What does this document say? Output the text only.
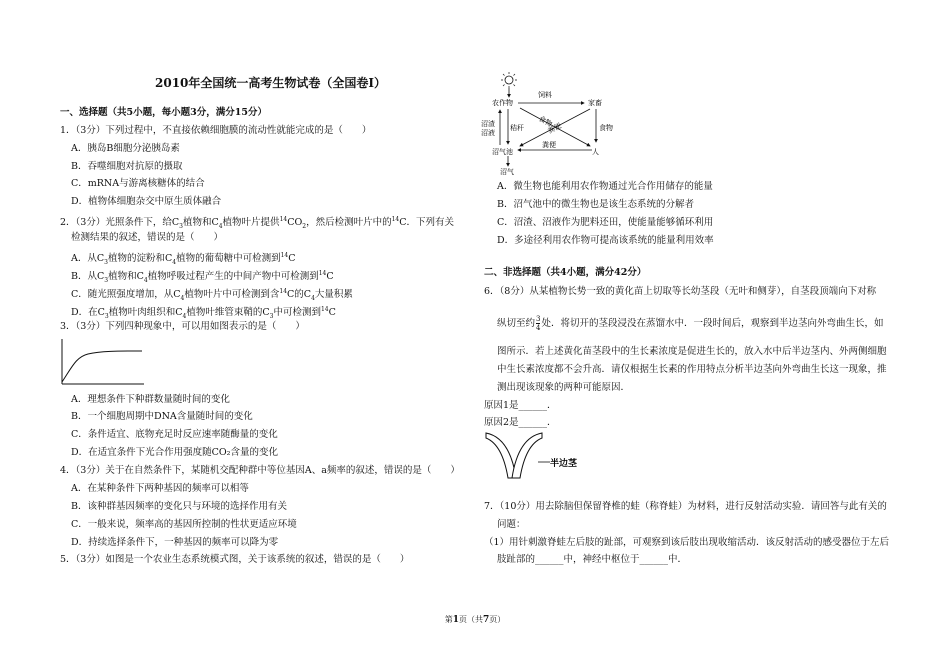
2010年全国统一高考生物试卷（全国卷Ⅰ）
一、选择题（共5小题，每小题3分，满分15分）
1．（3分）下列过程中，不直接依赖细胞膜的流动性就能完成的是（　　）
A．胰岛B细胞分泌胰岛素
B．吞噬细胞对抗原的摄取
C．mRNA与游离核糖体的结合
D．植物体细胞杂交中原生质体融合
2．（3分）光照条件下，给$C_3$植物和$C_4$植物叶片提供$^{14}CO_2$，然后检测叶片中的$^{14}$C．下列有关
检测结果的叙述，错误的是（　　）
A．从$C_3$植物的淀粉和$C_4$植物的葡萄糖中可检测到$^{14}$C
B．从$C_3$植物和$C_4$植物呼吸过程产生的中间产物中可检测到$^{14}$C
C．随光照强度增加，从$C_4$植物叶片中可检测到含$^{14}$C的$C_4$大量积累
D．在$C_3$植物叶肉组织和$C_4$植物叶维管束鞘的$C_3$中可检测到$^{14}$C
3．（3分）下列四种现象中，可以用如图表示的是（　　）
A．理想条件下种群数量随时间的变化
B．一个细胞周期中DNA含量随时间的变化
C．条件适宜、底物充足时反应速率随酶量的变化
D．在适宜条件下光合作用强度随CO₂含量的变化
4．（3分）关于在自然条件下，某随机交配种群中等位基因A、a频率的叙述，错误的是（　　）
A．在某种条件下两种基因的频率可以相等
B．该种群基因频率的变化只与环境的选择作用有关
C．一般来说，频率高的基因所控制的性状更适应环境
D．持续选择条件下，一种基因的频率可以降为零
5．（3分）如图是一个农业生态系统模式图，关于该系统的叙述，错误的是（　　）
农作物
饲料
家畜
沼渣
沼液
秸秆 食物
粪便	食物
粪便
沼气池	人
沼气
A．微生物也能利用农作物通过光合作用储存的能量
B．沼气池中的微生物也是该生态系统的分解者
C．沼渣、沼液作为肥料还田，使能量能够循环利用
D．多途径利用农作物可提高该系统的能量利用效率
二、非选择题（共4小题，满分42分）
6．（8分）从某植物长势一致的黄化苗上切取等长幼茎段（无叶和侧芽），自茎段顶端向下对称
纵切至约 $\frac{3}{4}$ 处．将切开的茎段浸没在蒸馏水中．一段时间后，观察到半边茎向外弯曲生长，如
图所示．若上述黄化苗茎段中的生长素浓度是促进生长的，放入水中后半边茎内、外两侧细胞
中生长素浓度都不会升高．请仅根据生长素的作用特点分析半边茎向外弯曲生长这一现象，推
测出现该现象的两种可能原因．
原因1是______．
原因2是______．
半边茎
7．（10分）用去除脑但保留脊椎的蛙（称脊蛙）为材料，进行反射活动实验．请回答与此有关的
问题：
（1）用针刺激脊蛙左后肢的趾部，可观察到该后肢出现收缩活动．该反射活动的感受器位于左后
肢趾部的______中，神经中枢位于______中．
第1页（共7页）
